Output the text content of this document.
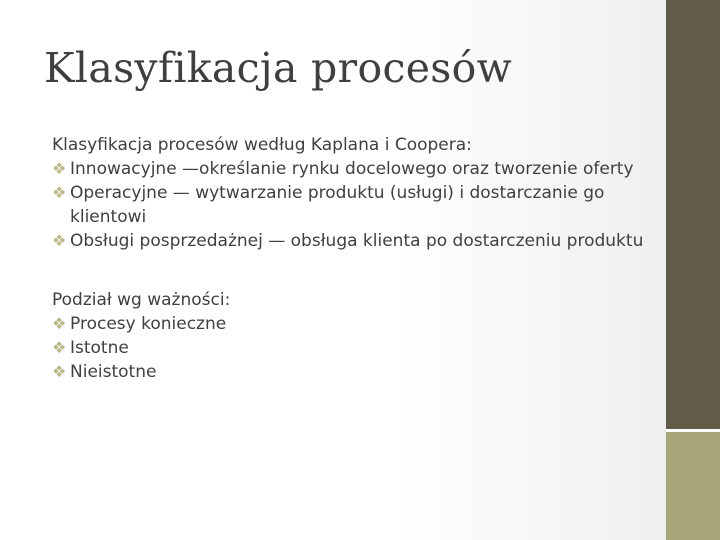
Klasyfikacja procesów

Klasyfikacja procesów według Kaplana i Coopera:

❖ Innowacyjne —określanie rynku docelowego oraz tworzenie oferty

❖ Operacyjne — wytwarzanie produktu (usługi) i dostarczanie go klientowi

❖ Obsługi posprzedażnej — obsługa klienta po dostarczeniu produktu

Podział wg ważności:

❖ Procesy konieczne

❖ Istotne

❖ Nieistotne
